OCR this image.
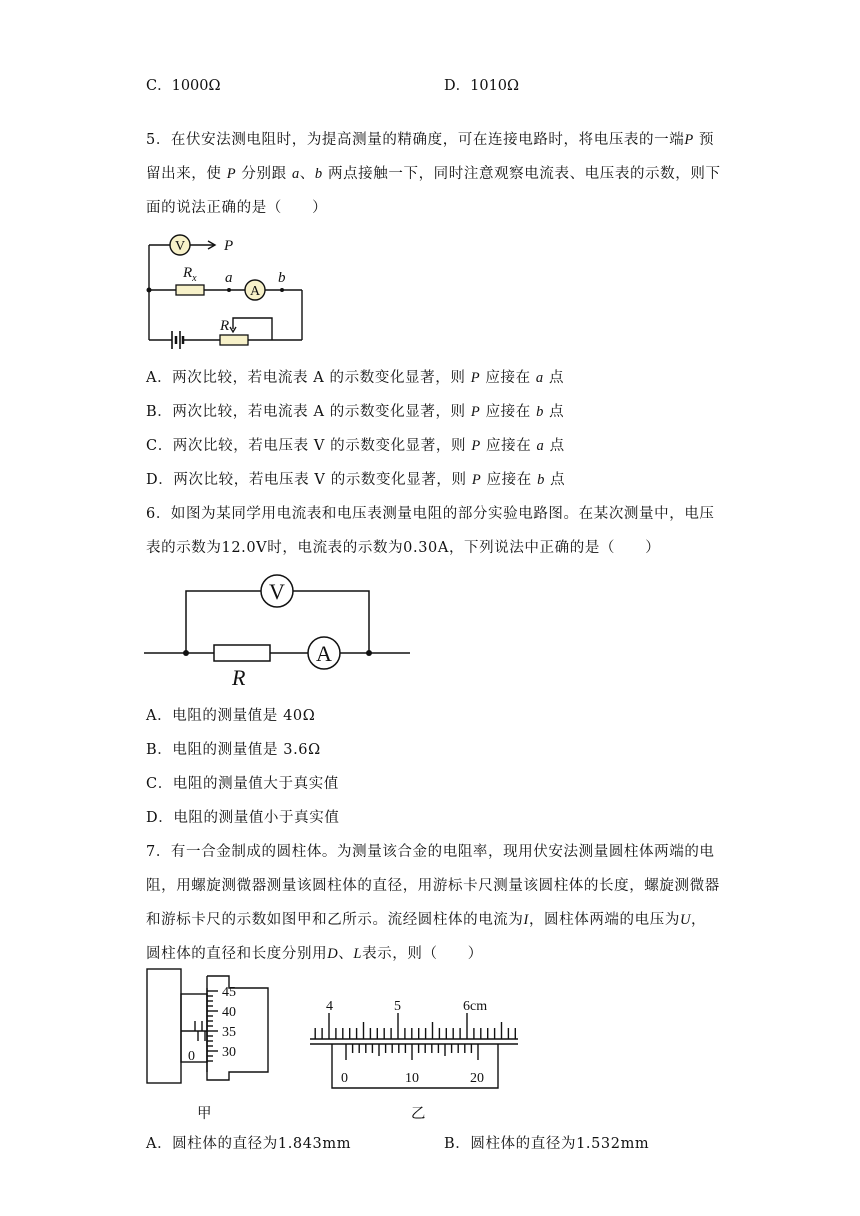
C．1000Ω	D．1010Ω
5．在伏安法测电阻时，为提高测量的精确度，可在连接电路时，将电压表的一端P 预
留出来，使 P 分别跟 a、b 两点接触一下，同时注意观察电流表、电压表的示数，则下
面的说法正确的是（　　）
V	P
$R_x$ a
A
b
R
A．两次比较，若电流表 A 的示数变化显著，则 P 应接在 a 点
B．两次比较，若电流表 A 的示数变化显著，则 P 应接在 b 点
C．两次比较，若电压表 V 的示数变化显著，则 P 应接在 a 点
D．两次比较，若电压表 V 的示数变化显著，则 P 应接在 b 点
6．如图为某同学用电流表和电压表测量电阻的部分实验电路图。在某次测量中，电压
表的示数为12.0V时，电流表的示数为0.30A，下列说法中正确的是（　　）
V
A
R
A．电阻的测量值是 40Ω
B．电阻的测量值是 3.6Ω
C．电阻的测量值大于真实值
D．电阻的测量值小于真实值
7．有一合金制成的圆柱体。为测量该合金的电阻率，现用伏安法测量圆柱体两端的电
阻，用螺旋测微器测量该圆柱体的直径，用游标卡尺测量该圆柱体的长度，螺旋测微器
和游标卡尺的示数如图甲和乙所示。流经圆柱体的电流为I，圆柱体两端的电压为U，
圆柱体的直径和长度分别用D、L表示，则（　　）
45
40
35
30
0
甲
4	5	6cm
0	10	20
乙
A．圆柱体的直径为1.843mm	B．圆柱体的直径为1.532mm
